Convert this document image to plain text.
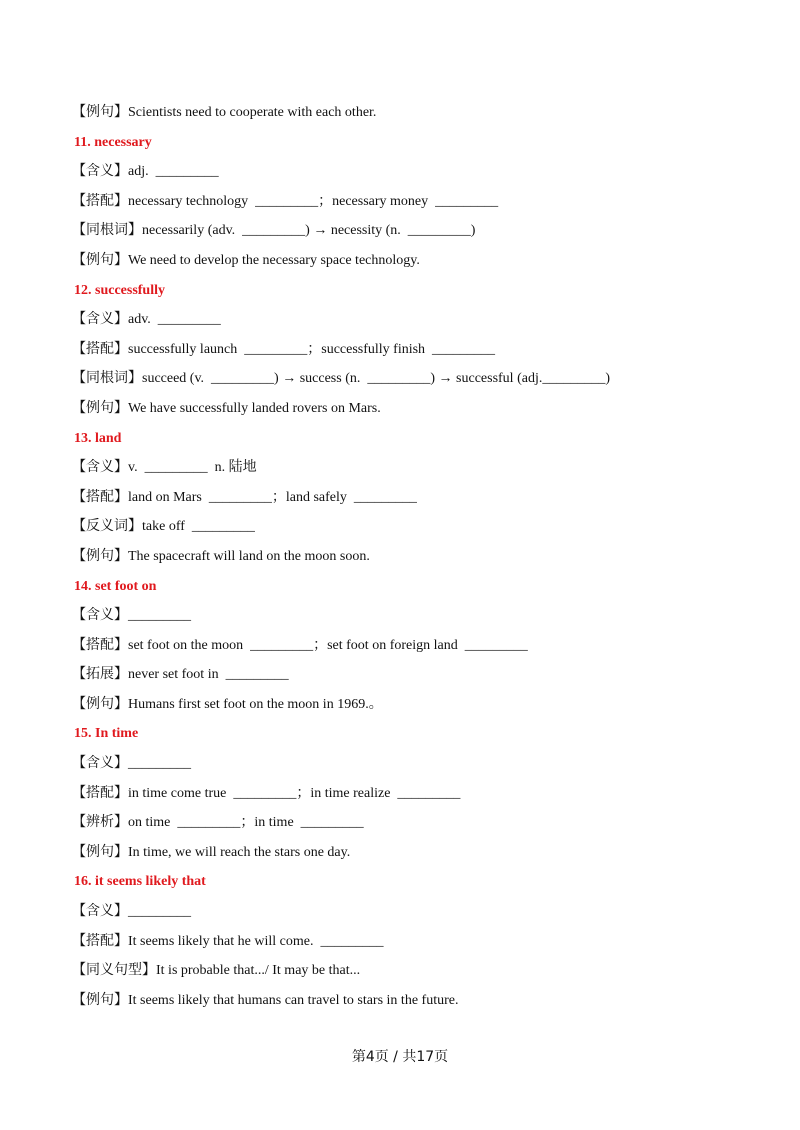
【例句】Scientists need to cooperate with each other.
11. necessary
【含义】adj.  _________
【搭配】necessary technology  _________；necessary money  _________
【同根词】necessarily (adv.  _________) → necessity (n.  _________)
【例句】We need to develop the necessary space technology.
12. successfully
【含义】adv.  _________
【搭配】successfully launch  _________；successfully finish  _________
【同根词】succeed (v.  _________) → success (n.  _________) → successful (adj._________)
【例句】We have successfully landed rovers on Mars.
13. land
【含义】v.  _________  n. 陆地
【搭配】land on Mars  _________；land safely  _________
【反义词】take off  _________
【例句】The spacecraft will land on the moon soon.
14. set foot on
【含义】_________
【搭配】set foot on the moon  _________；set foot on foreign land  _________
【拓展】never set foot in  _________
【例句】Humans first set foot on the moon in 1969.。
15. In time
【含义】_________
【搭配】in time come true  _________；in time realize  _________
【辨析】on time  _________；in time  _________
【例句】In time, we will reach the stars one day.
16. it seems likely that
【含义】_________
【搭配】It seems likely that he will come.  _________
【同义句型】It is probable that.../ It may be that...
【例句】It seems likely that humans can travel to stars in the future.
第4页 / 共17页
